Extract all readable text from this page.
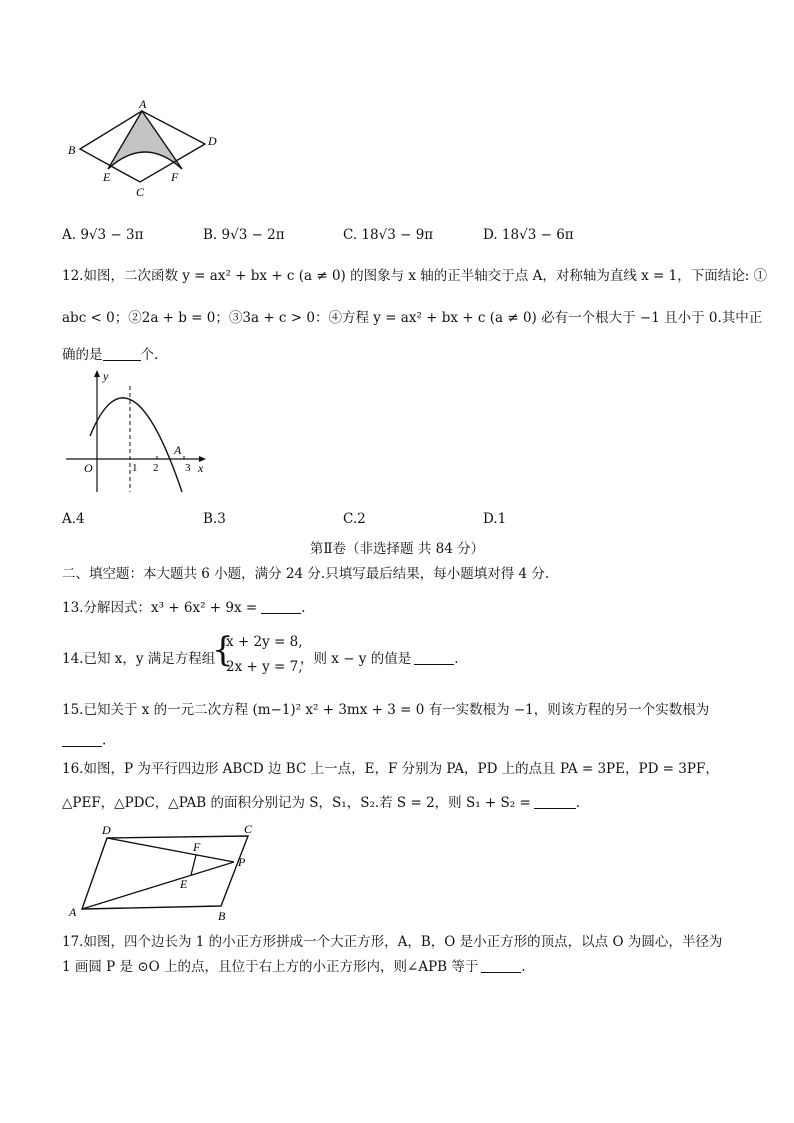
A
B
C
D
E	F
A. 9√3 − 3π	B. 9√3 − 2π	C. 18√3 − 9π	D. 18√3 − 6π
12.如图，二次函数 y = ax² + bx + c (a ≠ 0) 的图象与 x 轴的正半轴交于点 A，对称轴为直线 x = 1，下面结论: ①
abc < 0；②2a + b = 0；③3a + c > 0：④方程 y = ax² + bx + c (a ≠ 0) 必有一个根大于 −1 且小于 0.其中正
确的是	个.
y
x
O
A
1 2 3
A.4	B.3	C.2	D.1
第Ⅱ卷（非选择题 共 84 分）
二、填空题：本大题共 6 小题，满分 24 分.只填写最后结果，每小题填对得 4 分.
13.分解因式：x³ + 6x² + 9x =	.
14.已知 x，y 满足方程组
{
x + 2y = 8,
2x + y = 7,
，则 x − y 的值是	.
15.已知关于 x 的一元二次方程 (m−1)² x² + 3mx + 3 = 0 有一实数根为 −1，则该方程的另一个实数根为
.
16.如图，P 为平行四边形 ABCD 边 BC 上一点，E，F 分别为 PA，PD 上的点且 PA = 3PE，PD = 3PF，
△PEF，△PDC，△PAB 的面积分别记为 S，S₁，S₂.若 S = 2，则 S₁ + S₂ =	.
A	B
C
D
E
F
P
17.如图，四个边长为 1 的小正方形拼成一个大正方形，A，B，O 是小正方形的顶点，以点 O 为圆心，半径为
1 画圆 P 是 ⊙O 上的点，且位于右上方的小正方形内，则∠APB 等于	.
